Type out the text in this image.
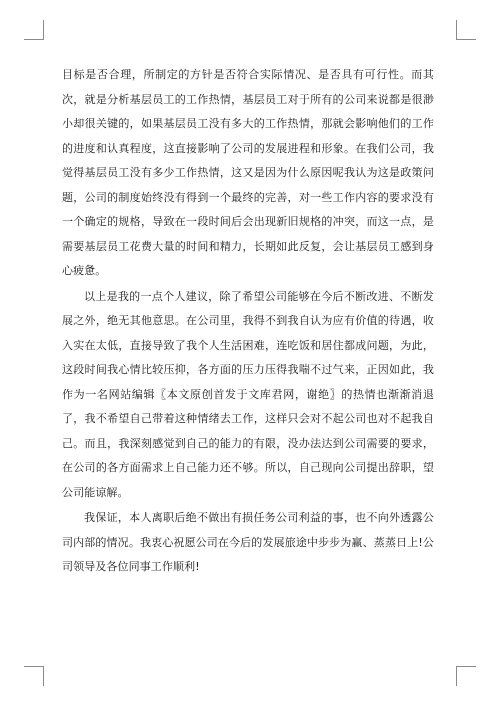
目标是否合理，所制定的方针是否符合实际情况、是否具有可行性。而其次，就是分析基层员工的工作热情，基层员工对于所有的公司来说都是很渺小却很关键的，如果基层员工没有多大的工作热情，那就会影响他们的工作的进度和认真程度，这直接影响了公司的发展进程和形象。在我们公司，我觉得基层员工没有多少工作热情，这又是因为什么原因呢我认为这是政策问题，公司的制度始终没有得到一个最终的完善，对一些工作内容的要求没有一个确定的规格，导致在一段时间后会出现新旧规格的冲突，而这一点，是需要基层员工花费大量的时间和精力，长期如此反复，会让基层员工感到身心疲惫。

以上是我的一点个人建议，除了希望公司能够在今后不断改进、不断发展之外，绝无其他意思。在公司里，我得不到我自认为应有价值的待遇，收入实在太低，直接导致了我个人生活困难，连吃饭和居住都成问题，为此，这段时间我心情比较压抑，各方面的压力压得我喘不过气来，正因如此，我作为一名网站编辑〖本文原创首发于文库君网，谢绝〗的热情也渐渐消退了，我不希望自己带着这种情绪去工作，这样只会对不起公司也对不起我自己。而且，我深刻感觉到自己的能力的有限，没办法达到公司需要的要求，在公司的各方面需求上自己能力还不够。所以，自己现向公司提出辞职，望公司能谅解。

我保证，本人离职后绝不做出有损任务公司利益的事，也不向外透露公司内部的情况。我衷心祝愿公司在今后的发展旅途中步步为赢、蒸蒸日上!公司领导及各位同事工作顺利!
